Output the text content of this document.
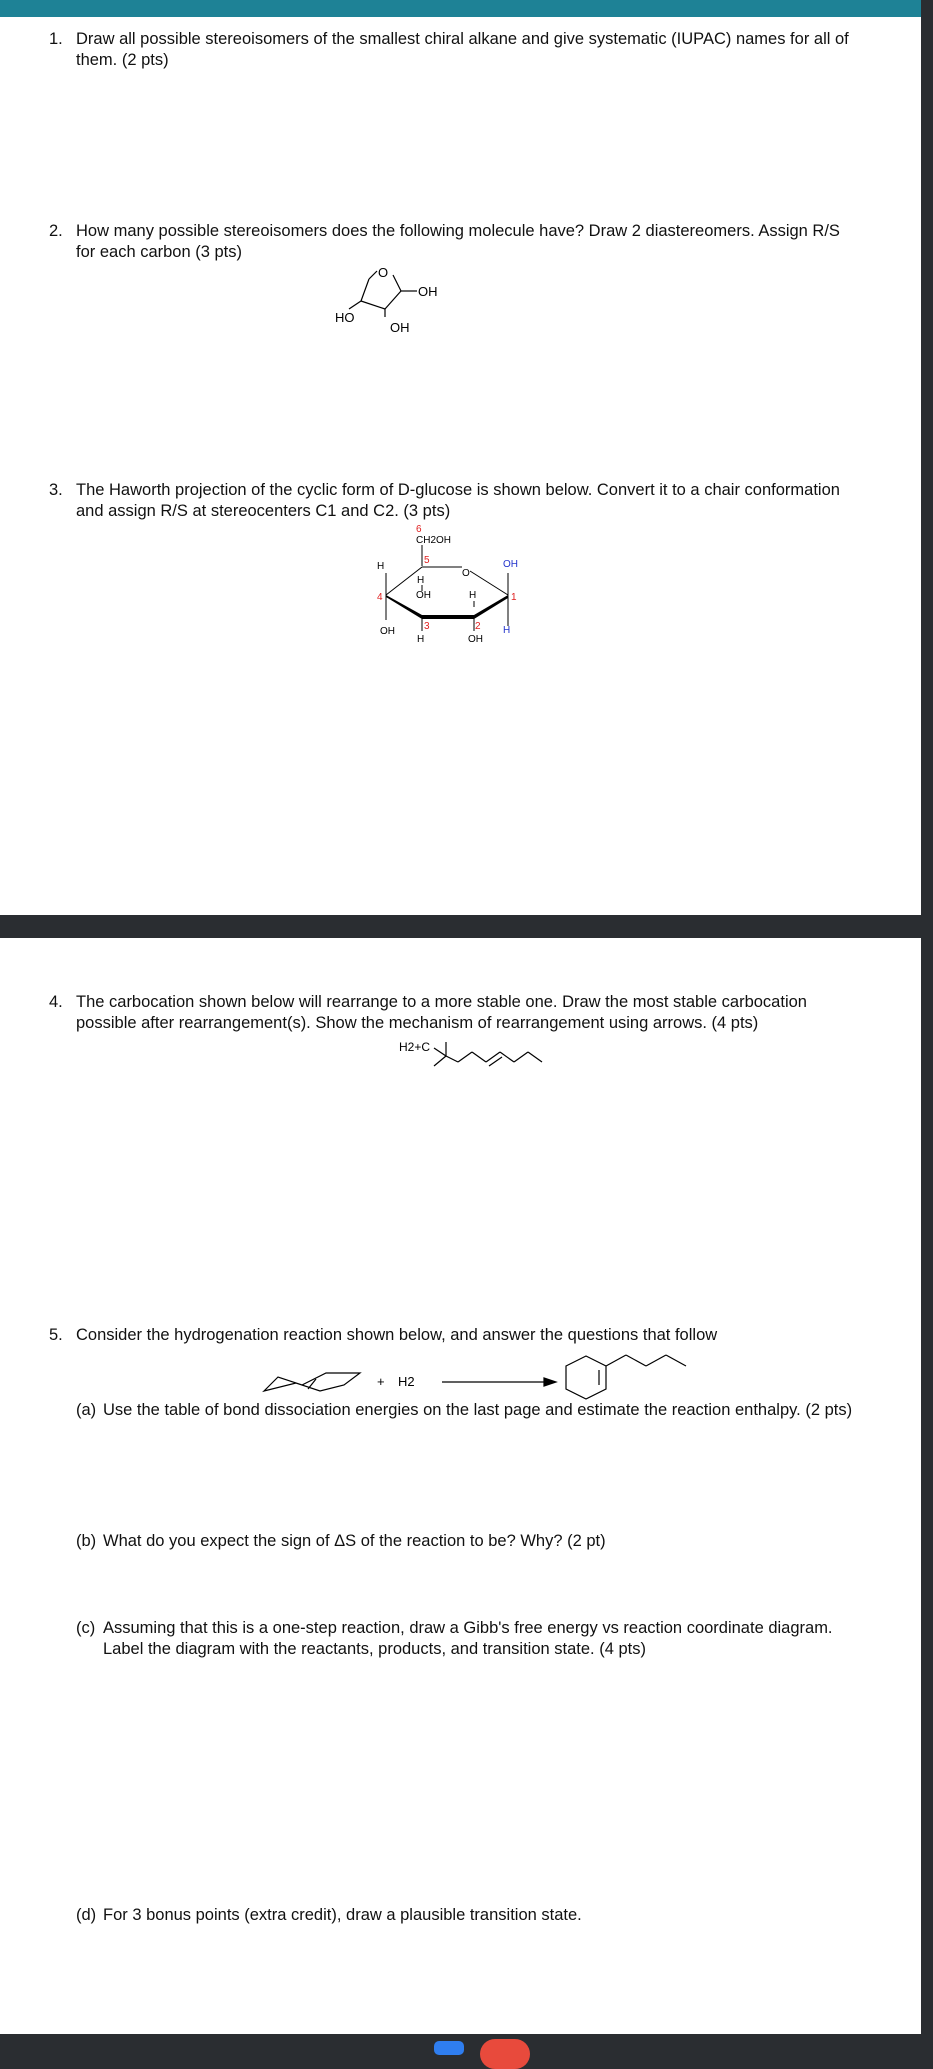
1. Draw all possible stereoisomers of the smallest chiral alkane and give systematic (IUPAC) names for all of
them. (2 pts)
2. How many possible stereoisomers does the following molecule have? Draw 2 diastereomers. Assign R/S
for each carbon (3 pts)
O
OH
HO
OH
3. The Haworth projection of the cyclic form of D-glucose is shown below. Convert it to a chair conformation
and assign R/S at stereocenters C1 and C2. (3 pts)
6
CH2OH
5
O
H	OH
H
OH	H
4	1
OH	3	2 H
H	OH
4. The carbocation shown below will rearrange to a more stable one. Draw the most stable carbocation
possible after rearrangement(s). Show the mechanism of rearrangement using arrows. (4 pts)
H2+C
5. Consider the hydrogenation reaction shown below, and answer the questions that follow
+ H2
(a) Use the table of bond dissociation energies on the last page and estimate the reaction enthalpy. (2 pts)
(b) What do you expect the sign of ΔS of the reaction to be? Why? (2 pt)
(c) Assuming that this is a one-step reaction, draw a Gibb's free energy vs reaction coordinate diagram.
Label the diagram with the reactants, products, and transition state. (4 pts)
(d) For 3 bonus points (extra credit), draw a plausible transition state.
